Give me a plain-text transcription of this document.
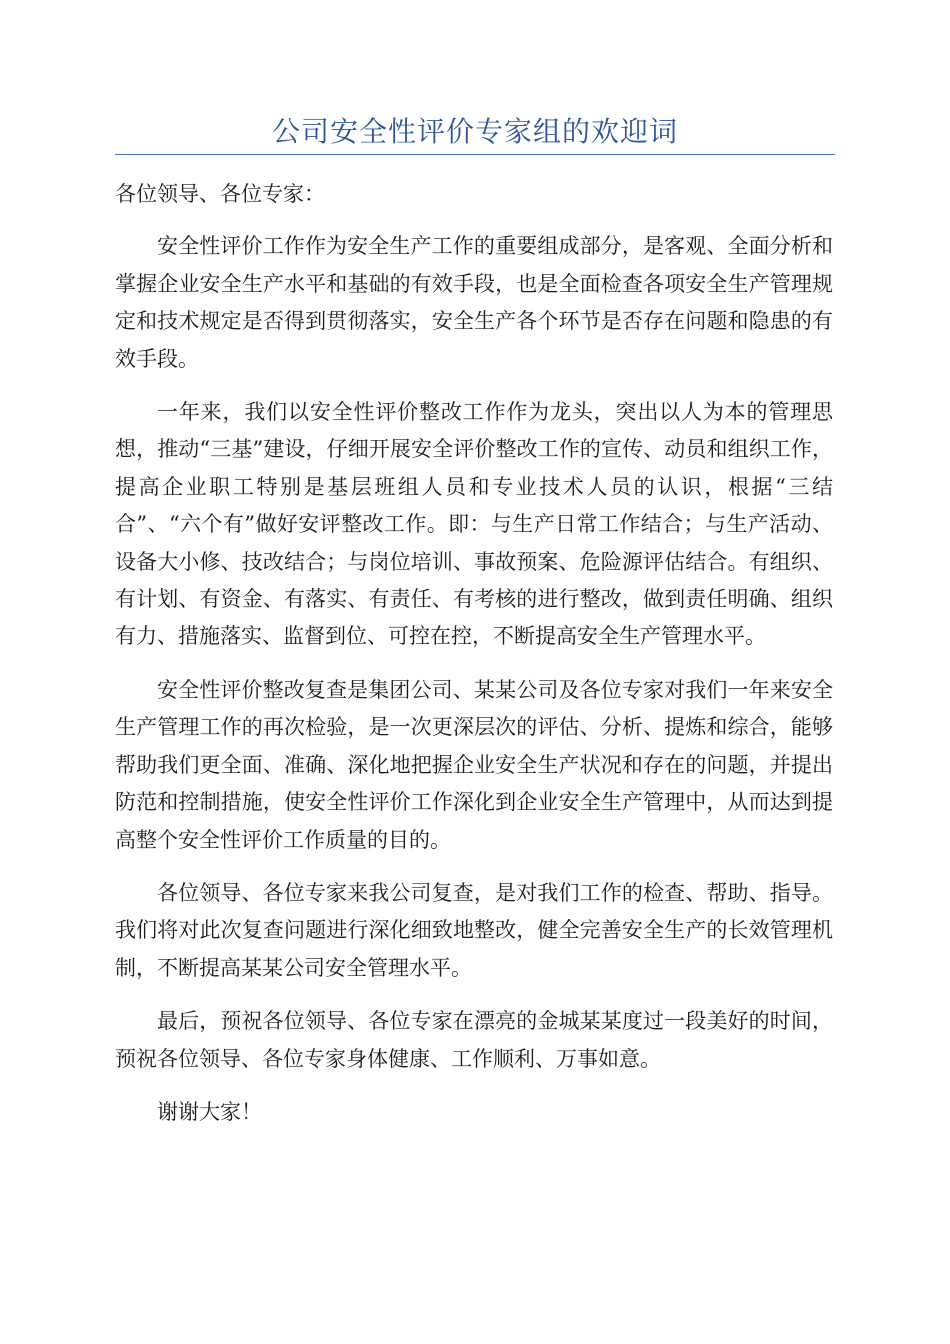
公司安全性评价专家组的欢迎词

各位领导、各位专家：

安全性评价工作作为安全生产工作的重要组成部分，是客观、全面分析和掌握企业安全生产水平和基础的有效手段，也是全面检查各项安全生产管理规定和技术规定是否得到贯彻落实，安全生产各个环节是否存在问题和隐患的有效手段。

一年来，我们以安全性评价整改工作作为龙头，突出以人为本的管理思想，推动“三基”建设，仔细开展安全评价整改工作的宣传、动员和组织工作，提高企业职工特别是基层班组人员和专业技术人员的认识，根据“三结合”、“六个有”做好安评整改工作。即：与生产日常工作结合；与生产活动、设备大小修、技改结合；与岗位培训、事故预案、危险源评估结合。有组织、有计划、有资金、有落实、有责任、有考核的进行整改，做到责任明确、组织有力、措施落实、监督到位、可控在控，不断提高安全生产管理水平。

安全性评价整改复查是集团公司、某某公司及各位专家对我们一年来安全生产管理工作的再次检验，是一次更深层次的评估、分析、提炼和综合，能够帮助我们更全面、准确、深化地把握企业安全生产状况和存在的问题，并提出防范和控制措施，使安全性评价工作深化到企业安全生产管理中，从而达到提高整个安全性评价工作质量的目的。

各位领导、各位专家来我公司复查，是对我们工作的检查、帮助、指导。我们将对此次复查问题进行深化细致地整改，健全完善安全生产的长效管理机制，不断提高某某公司安全管理水平。

最后，预祝各位领导、各位专家在漂亮的金城某某度过一段美好的时间，预祝各位领导、各位专家身体健康、工作顺利、万事如意。

谢谢大家！
